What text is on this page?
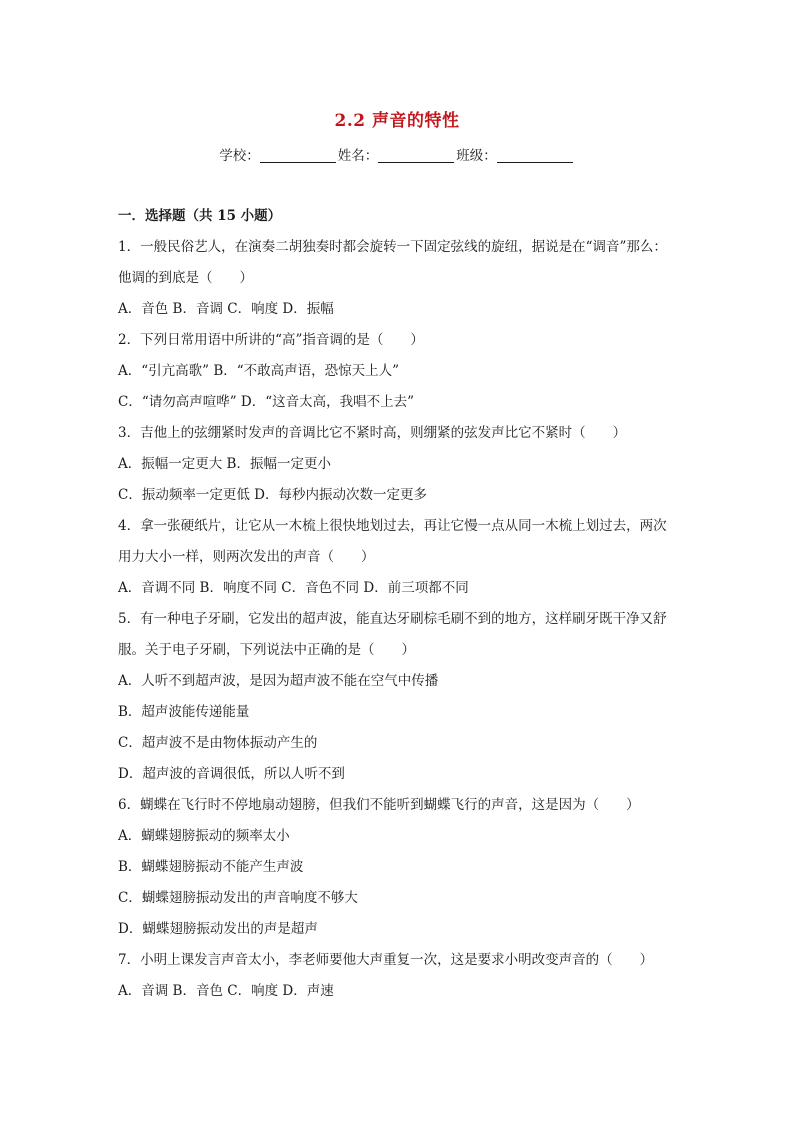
2.2 声音的特性
学校：	姓名：	班级：
一．选择题（共 15 小题）
1．一般民俗艺人，在演奏二胡独奏时都会旋转一下固定弦线的旋纽，据说是在“调音”那么：他调的到底是（　　）
A．音色 B．音调 C．响度 D．振幅
2．下列日常用语中所讲的“高”指音调的是（　　）
A．“引亢高歌” B．“不敢高声语，恐惊天上人”
C．“请勿高声喧哗” D．“这音太高，我唱不上去”
3．吉他上的弦绷紧时发声的音调比它不紧时高，则绷紧的弦发声比它不紧时（　　）
A．振幅一定更大 B．振幅一定更小
C．振动频率一定更低 D．每秒内振动次数一定更多
4．拿一张硬纸片，让它从一木梳上很快地划过去，再让它慢一点从同一木梳上划过去，两次用力大小一样，则两次发出的声音（　　）
A．音调不同 B．响度不同 C．音色不同 D．前三项都不同
5．有一种电子牙刷，它发出的超声波，能直达牙刷棕毛刷不到的地方，这样刷牙既干净又舒服。关于电子牙刷，下列说法中正确的是（　　）
A．人听不到超声波，是因为超声波不能在空气中传播
B．超声波能传递能量
C．超声波不是由物体振动产生的
D．超声波的音调很低，所以人听不到
6．蝴蝶在飞行时不停地扇动翅膀，但我们不能听到蝴蝶飞行的声音，这是因为（　　）
A．蝴蝶翅膀振动的频率太小
B．蝴蝶翅膀振动不能产生声波
C．蝴蝶翅膀振动发出的声音响度不够大
D．蝴蝶翅膀振动发出的声是超声
7．小明上课发言声音太小，李老师要他大声重复一次，这是要求小明改变声音的（　　）
A．音调 B．音色 C．响度 D．声速
